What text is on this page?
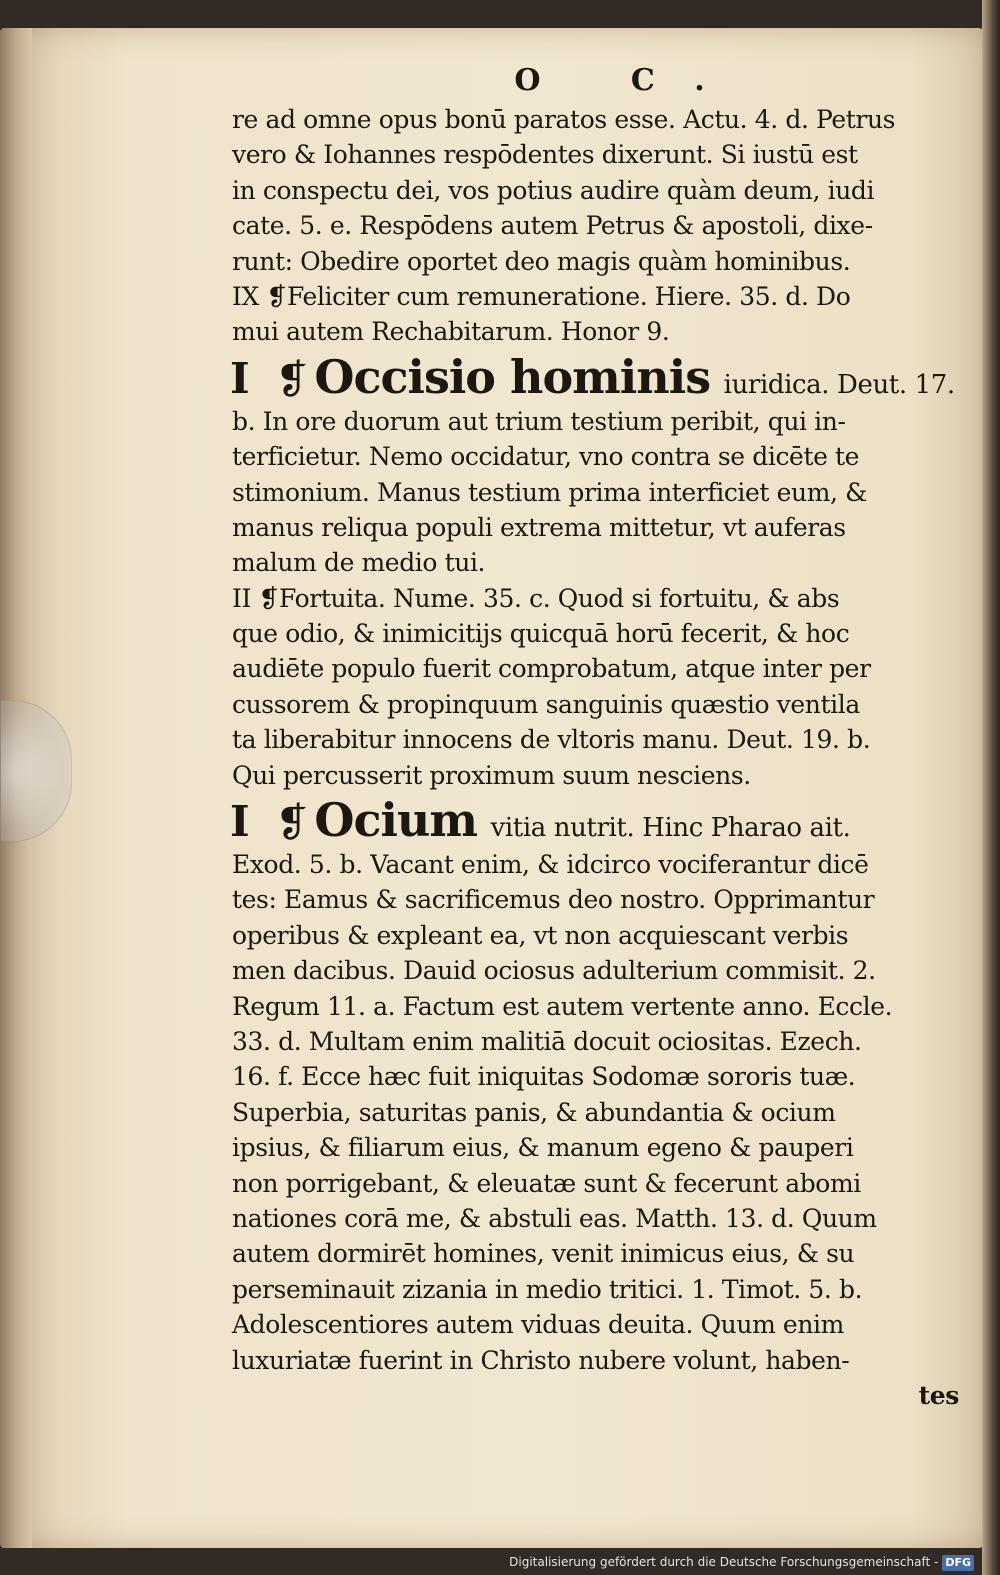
O C.
re ad omne opus bonū paratos esse. Actu. 4. d. Petrus
vero & Iohannes respōdentes dixerunt. Si iustū est
in conspectu dei, vos potius audire quàm deum, iudi
cate. 5. e. Respōdens autem Petrus & apostoli, dixe-
runt: Obedire oportet deo magis quàm hominibus.
IX ❡Feliciter cum remuneratione. Hiere. 35. d. Do
mui autem Rechabitarum. Honor 9.
I ❡ Occisio hominis iuridica. Deut. 17.
b. In ore duorum aut trium testium peribit, qui in-
terficietur. Nemo occidatur, vno contra se dicēte te
stimonium. Manus testium prima interficiet eum, &
manus reliqua populi extrema mittetur, vt auferas
malum de medio tui.
II ❡Fortuita. Nume. 35. c. Quod si fortuitu, & abs
que odio, & inimicitijs quicquā horū fecerit, & hoc
audiēte populo fuerit comprobatum, atque inter per
cussorem & propinquum sanguinis quæstio ventila
ta liberabitur innocens de vltoris manu. Deut. 19. b.
Qui percusserit proximum suum nesciens.
I ❡ Ocium vitia nutrit. Hinc Pharao ait.
Exod. 5. b. Vacant enim, & idcirco vociferantur dicē
tes: Eamus & sacrificemus deo nostro. Opprimantur
operibus & expleant ea, vt non acquiescant verbis
men dacibus. Dauid ociosus adulterium commisit. 2.
Regum 11. a. Factum est autem vertente anno. Eccle.
33. d. Multam enim malitiā docuit ociositas. Ezech.
16. f. Ecce hæc fuit iniquitas Sodomæ sororis tuæ.
Superbia, saturitas panis, & abundantia & ocium
ipsius, & filiarum eius, & manum egeno & pauperi
non porrigebant, & eleuatæ sunt & fecerunt abomi
nationes corā me, & abstuli eas. Matth. 13. d. Quum
autem dormirēt homines, venit inimicus eius, & su
perseminauit zizania in medio tritici. 1. Timot. 5. b.
Adolescentiores autem viduas deuita. Quum enim
luxuriatæ fuerint in Christo nubere volunt, haben-
tes
Digitalisierung gefördert durch die Deutsche Forschungsgemeinschaft - DFG
